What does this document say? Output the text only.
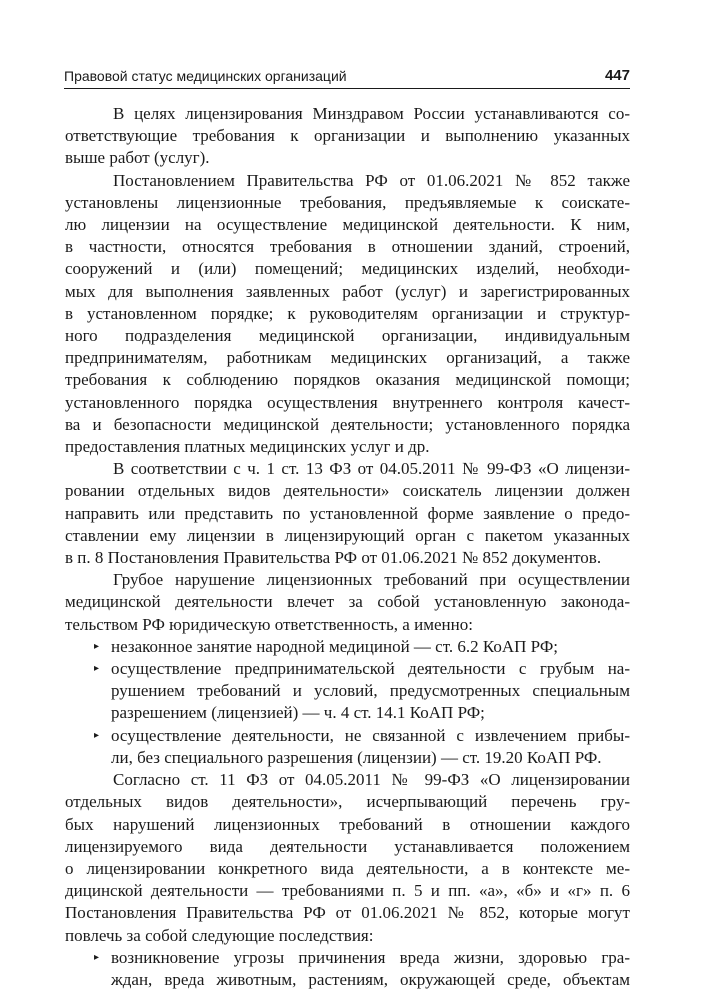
Правовой статус медицинских организаций	447
В целях лицензирования Минздравом России устанавливаются со-
ответствующие требования к организации и выполнению указанных
выше работ (услуг).
Постановлением Правительства РФ от 01.06.2021 № 852 также
установлены лицензионные требования, предъявляемые к соискате-
лю лицензии на осуществление медицинской деятельности. К ним,
в частности, относятся требования в отношении зданий, строений,
сооружений и (или) помещений; медицинских изделий, необходи-
мых для выполнения заявленных работ (услуг) и зарегистрированных
в установленном порядке; к руководителям организации и структур-
ного подразделения медицинской организации, индивидуальным
предпринимателям, работникам медицинских организаций, а также
требования к соблюдению порядков оказания медицинской помощи;
установленного порядка осуществления внутреннего контроля качест-
ва и безопасности медицинской деятельности; установленного порядка
предоставления платных медицинских услуг и др.
В соответствии с ч. 1 ст. 13 ФЗ от 04.05.2011 № 99-ФЗ «О лицензи-
ровании отдельных видов деятельности» соискатель лицензии должен
направить или представить по установленной форме заявление о предо-
ставлении ему лицензии в лицензирующий орган с пакетом указанных
в п. 8 Постановления Правительства РФ от 01.06.2021 № 852 документов.
Грубое нарушение лицензионных требований при осуществлении
медицинской деятельности влечет за собой установленную законода-
тельством РФ юридическую ответственность, а именно:
▸ незаконное занятие народной медициной — ст. 6.2 КоАП РФ;
▸ осуществление предпринимательской деятельности с грубым на-
рушением требований и условий, предусмотренных специальным
разрешением (лицензией) — ч. 4 ст. 14.1 КоАП РФ;
▸ осуществление деятельности, не связанной с извлечением прибы-
ли, без специального разрешения (лицензии) — ст. 19.20 КоАП РФ.
Согласно ст. 11 ФЗ от 04.05.2011 № 99-ФЗ «О лицензировании
отдельных видов деятельности», исчерпывающий перечень гру-
бых нарушений лицензионных требований в отношении каждого
лицензируемого вида деятельности устанавливается положением
о лицензировании конкретного вида деятельности, а в контексте ме-
дицинской деятельности — требованиями п. 5 и пп. «а», «б» и «г» п. 6
Постановления Правительства РФ от 01.06.2021 № 852, которые могут
повлечь за собой следующие последствия:
▸ возникновение угрозы причинения вреда жизни, здоровью гра-
ждан, вреда животным, растениям, окружающей среде, объектам
